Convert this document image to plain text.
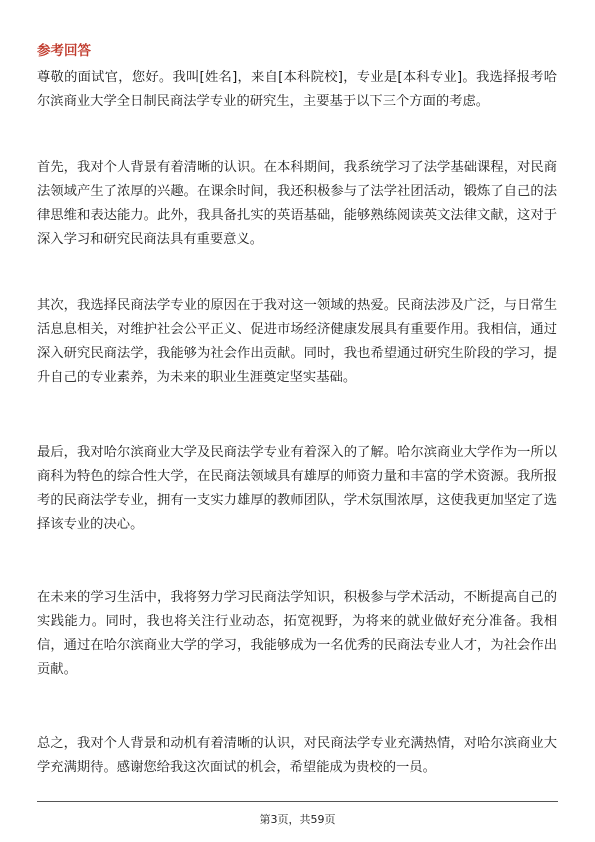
参考回答

尊敬的面试官，您好。我叫[姓名]，来自[本科院校]，专业是[本科专业]。我选择报考哈尔滨商业大学全日制民商法学专业的研究生，主要基于以下三个方面的考虑。

首先，我对个人背景有着清晰的认识。在本科期间，我系统学习了法学基础课程，对民商法领域产生了浓厚的兴趣。在课余时间，我还积极参与了法学社团活动，锻炼了自己的法律思维和表达能力。此外，我具备扎实的英语基础，能够熟练阅读英文法律文献，这对于深入学习和研究民商法具有重要意义。

其次，我选择民商法学专业的原因在于我对这一领域的热爱。民商法涉及广泛，与日常生活息息相关，对维护社会公平正义、促进市场经济健康发展具有重要作用。我相信，通过深入研究民商法学，我能够为社会作出贡献。同时，我也希望通过研究生阶段的学习，提升自己的专业素养，为未来的职业生涯奠定坚实基础。

最后，我对哈尔滨商业大学及民商法学专业有着深入的了解。哈尔滨商业大学作为一所以商科为特色的综合性大学，在民商法领域具有雄厚的师资力量和丰富的学术资源。我所报考的民商法学专业，拥有一支实力雄厚的教师团队，学术氛围浓厚，这使我更加坚定了选择该专业的决心。

在未来的学习生活中，我将努力学习民商法学知识，积极参与学术活动，不断提高自己的实践能力。同时，我也将关注行业动态，拓宽视野，为将来的就业做好充分准备。我相信，通过在哈尔滨商业大学的学习，我能够成为一名优秀的民商法专业人才，为社会作出贡献。

总之，我对个人背景和动机有着清晰的认识，对民商法学专业充满热情，对哈尔滨商业大学充满期待。感谢您给我这次面试的机会，希望能成为贵校的一员。

第3页，共59页
